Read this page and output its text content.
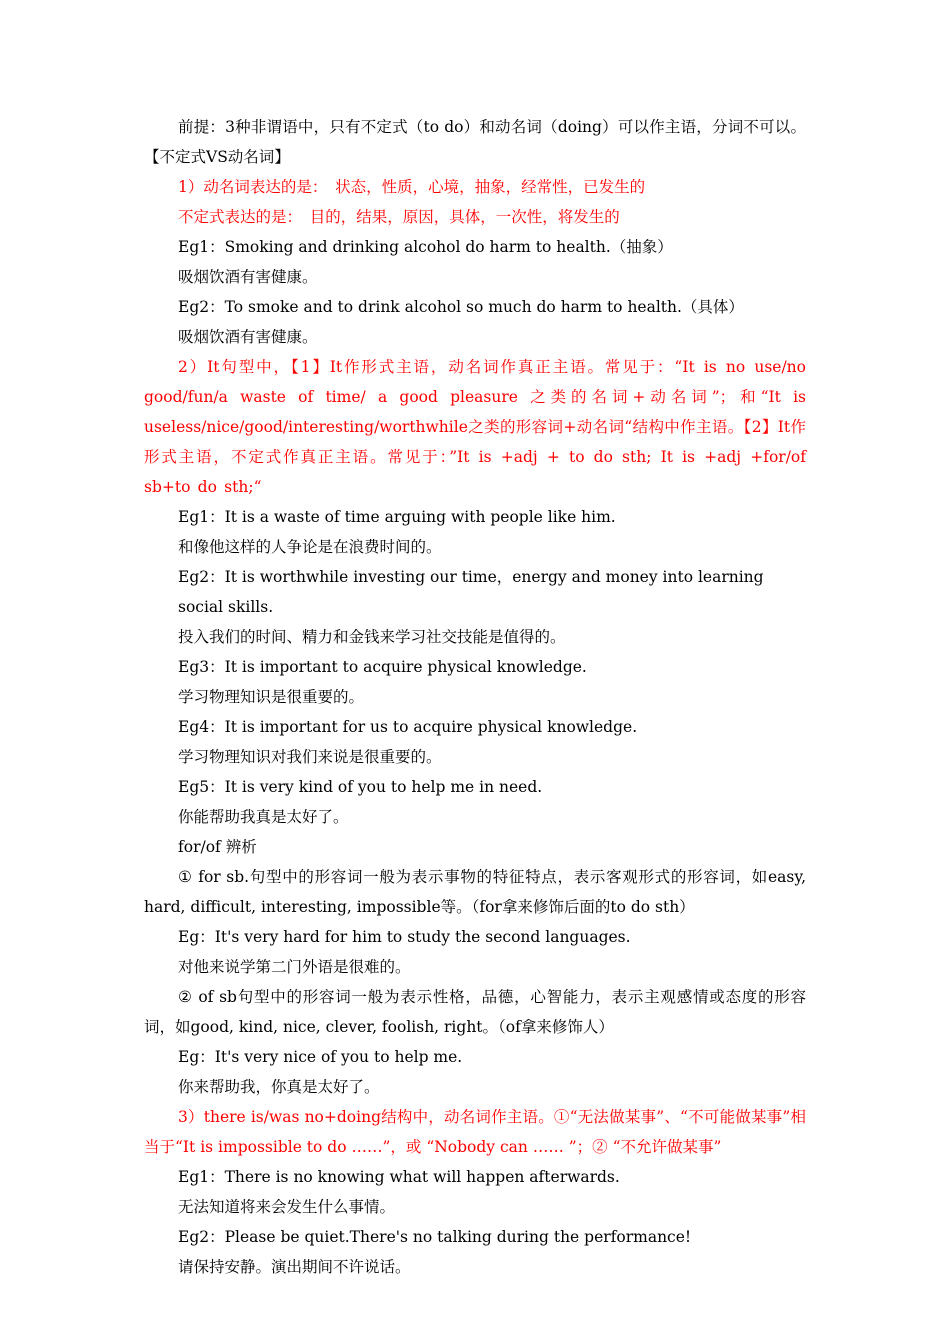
前提：3种非谓语中，只有不定式（to do）和动名词（doing）可以作主语，分词不可以。【不定式VS动名词】

1）动名词表达的是：　状态，性质，心境，抽象，经常性，已发生的

不定式表达的是：　目的，结果，原因，具体，一次性，将发生的

Eg1：Smoking and drinking alcohol do harm to health.（抽象）

吸烟饮酒有害健康。

Eg2：To smoke and to drink alcohol so much do harm to health.（具体）

吸烟饮酒有害健康。

2）It句型中，【1】It作形式主语，动名词作真正主语。常见于：“It is no use/no good/fun/a waste of time/ a good pleasure 之类的名词+动名词”；和“It is useless/nice/good/interesting/worthwhile之类的形容词+动名词“结构中作主语。【2】It作形式主语，不定式作真正主语。常见于：”It is +adj + to do sth; It is +adj +for/of sb+to do sth;“

Eg1：It is a waste of time arguing with people like him.

和像他这样的人争论是在浪费时间的。

Eg2：It is worthwhile investing our time，energy and money into learning social skills.

投入我们的时间、精力和金钱来学习社交技能是值得的。

Eg3：It is important to acquire physical knowledge.

学习物理知识是很重要的。

Eg4：It is important for us to acquire physical knowledge.

学习物理知识对我们来说是很重要的。

Eg5：It is very kind of you to help me in need.

你能帮助我真是太好了。

for/of 辨析

① for sb.句型中的形容词一般为表示事物的特征特点，表示客观形式的形容词，如easy, hard, difficult, interesting, impossible等。（for拿来修饰后面的to do sth）

Eg：It's very hard for him to study the second languages.

对他来说学第二门外语是很难的。

② of sb句型中的形容词一般为表示性格，品德，心智能力，表示主观感情或态度的形容词，如good, kind, nice, clever, foolish, right。（of拿来修饰人）

Eg：It's very nice of you to help me.

你来帮助我，你真是太好了。

3）there is/was no+doing结构中，动名词作主语。①“无法做某事”、“不可能做某事”相当于“It is impossible to do ……”，或 “Nobody can …… ”；② “不允许做某事”

Eg1：There is no knowing what will happen afterwards.

无法知道将来会发生什么事情。

Eg2：Please be quiet.There's no talking during the performance!

请保持安静。演出期间不许说话。
